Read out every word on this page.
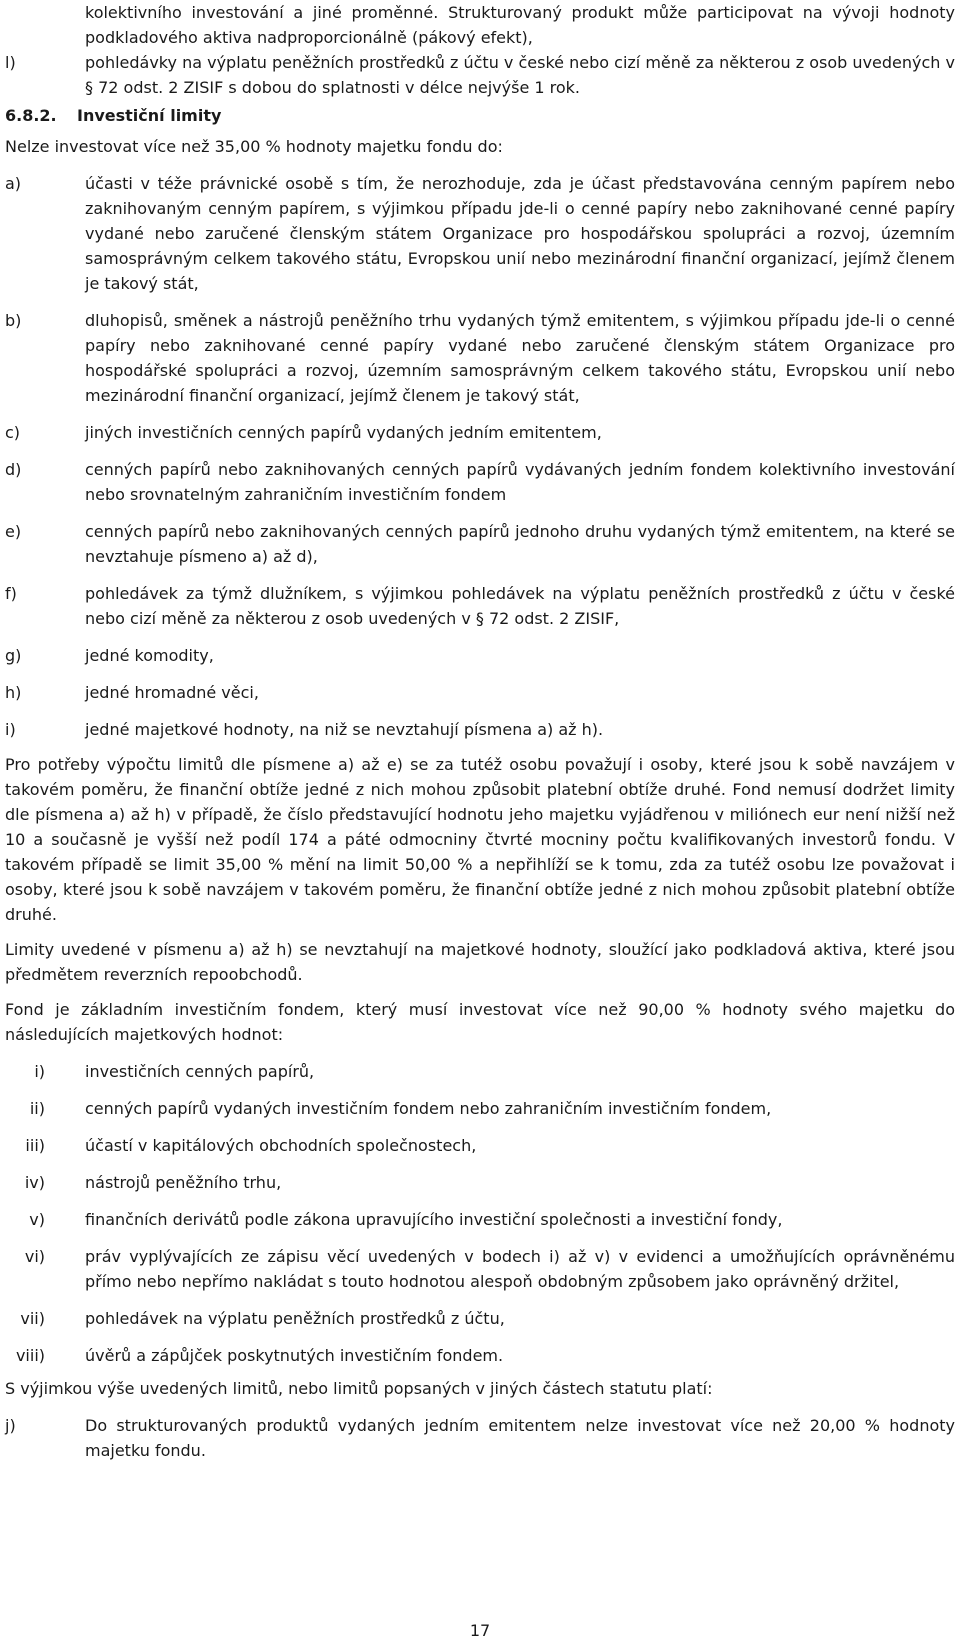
kolektivního investování a jiné proměnné. Strukturovaný produkt může participovat na vývoji hodnoty podkladového aktiva nadproporcionálně (pákový efekt),

l)	pohledávky na výplatu peněžních prostředků z účtu v české nebo cizí měně za některou z osob uvedených v § 72 odst. 2 ZISIF s dobou do splatnosti v délce nejvýše 1 rok.

6.8.2. Investiční limity

Nelze investovat více než 35,00 % hodnoty majetku fondu do:

a)	účasti v téže právnické osobě s tím, že nerozhoduje, zda je účast představována cenným papírem nebo zaknihovaným cenným papírem, s výjimkou případu jde-li o cenné papíry nebo zaknihované cenné papíry vydané nebo zaručené členským státem Organizace pro hospodářskou spolupráci a rozvoj, územním samosprávným celkem takového státu, Evropskou unií nebo mezinárodní finanční organizací, jejímž členem je takový stát,
b)	dluhopisů, směnek a nástrojů peněžního trhu vydaných týmž emitentem, s výjimkou případu jde-li o cenné papíry nebo zaknihované cenné papíry vydané nebo zaručené členským státem Organizace pro hospodářské spolupráci a rozvoj, územním samosprávným celkem takového státu, Evropskou unií nebo mezinárodní finanční organizací, jejímž členem je takový stát,
c)	jiných investičních cenných papírů vydaných jedním emitentem,
d)	cenných papírů nebo zaknihovaných cenných papírů vydávaných jedním fondem kolektivního investování nebo srovnatelným zahraničním investičním fondem
e)	cenných papírů nebo zaknihovaných cenných papírů jednoho druhu vydaných týmž emitentem, na které se nevztahuje písmeno a) až d),
f)	pohledávek za týmž dlužníkem, s výjimkou pohledávek na výplatu peněžních prostředků z účtu v české nebo cizí měně za některou z osob uvedených v § 72 odst. 2 ZISIF,
g)	jedné komodity,
h)	jedné hromadné věci,
i)	jedné majetkové hodnoty, na niž se nevztahují písmena a) až h).

Pro potřeby výpočtu limitů dle písmene a) až e) se za tutéž osobu považují i osoby, které jsou k sobě navzájem v takovém poměru, že finanční obtíže jedné z nich mohou způsobit platební obtíže druhé. Fond nemusí dodržet limity dle písmena a) až h) v případě, že číslo představující hodnotu jeho majetku vyjádřenou v miliónech eur není nižší než 10 a současně je vyšší než podíl 174 a páté odmocniny čtvrté mocniny počtu kvalifikovaných investorů fondu. V takovém případě se limit 35,00 % mění na limit 50,00 % a nepřihlíží se k tomu, zda za tutéž osobu lze považovat i osoby, které jsou k sobě navzájem v takovém poměru, že finanční obtíže jedné z nich mohou způsobit platební obtíže druhé.

Limity uvedené v písmenu a) až h) se nevztahují na majetkové hodnoty, sloužící jako podkladová aktiva, které jsou předmětem reverzních repoobchodů.

Fond je základním investičním fondem, který musí investovat více než 90,00 % hodnoty svého majetku do následujících majetkových hodnot:

i)	investičních cenných papírů,
ii)	cenných papírů vydaných investičním fondem nebo zahraničním investičním fondem,
iii)	účastí v kapitálových obchodních společnostech,
iv)	nástrojů peněžního trhu,
v)	finančních derivátů podle zákona upravujícího investiční společnosti a investiční fondy,
vi)	práv vyplývajících ze zápisu věcí uvedených v bodech i) až v) v evidenci a umožňujících oprávněnému přímo nebo nepřímo nakládat s touto hodnotou alespoň obdobným způsobem jako oprávněný držitel,
vii)	pohledávek na výplatu peněžních prostředků z účtu,
viii)	úvěrů a zápůjček poskytnutých investičním fondem.

S výjimkou výše uvedených limitů, nebo limitů popsaných v jiných částech statutu platí:

j)	Do strukturovaných produktů vydaných jedním emitentem nelze investovat více než 20,00 % hodnoty majetku fondu.
17
